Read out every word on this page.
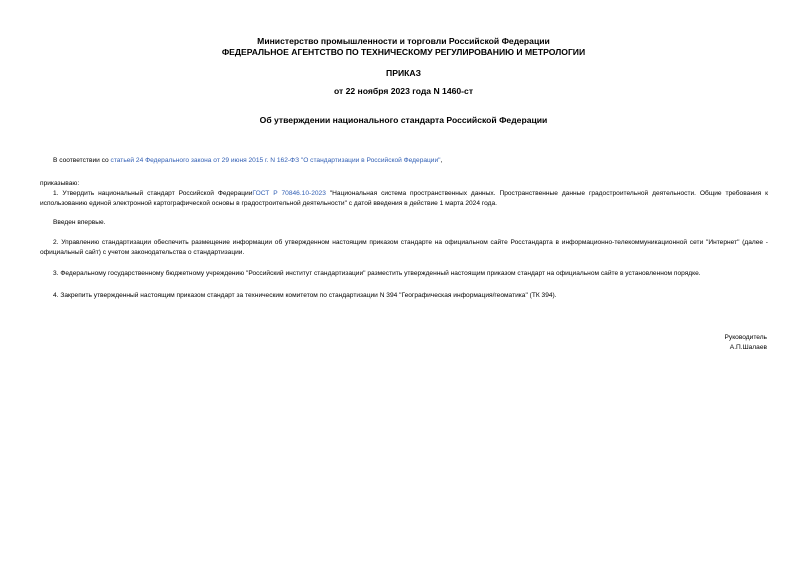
Министерство промышленности и торговли Российской Федерации
ФЕДЕРАЛЬНОЕ АГЕНТСТВО ПО ТЕХНИЧЕСКОМУ РЕГУЛИРОВАНИЮ И МЕТРОЛОГИИ
ПРИКАЗ
от 22 ноября 2023 года N 1460-ст
Об утверждении национального стандарта Российской Федерации
В соответствии со статьей 24 Федерального закона от 29 июня 2015 г. N 162-ФЗ "О стандартизации в Российской Федерации",
приказываю:
1. Утвердить национальный стандарт Российской ФедерацииГОСТ Р 70846.10-2023 "Национальная система пространственных данных. Пространственные данные градостроительной деятельности. Общие требования к использованию единой электронной картографической основы в градостроительной деятельности" с датой введения в действие 1 марта 2024 года.
Введен впервые.
2. Управлению стандартизации обеспечить размещение информации об утвержденном настоящим приказом стандарте на официальном сайте Росстандарта в информационно-телекоммуникационной сети "Интернет" (далее - официальный сайт) с учетом законодательства о стандартизации.
3. Федеральному государственному бюджетному учреждению "Российский институт стандартизации" разместить утвержденный настоящим приказом стандарт на официальном сайте в установленном порядке.
4. Закрепить утвержденный настоящим приказом стандарт за техническим комитетом по стандартизации N 394 "Географическая информация/геоматика" (ТК 394).
Руководитель
А.П.Шалаев
